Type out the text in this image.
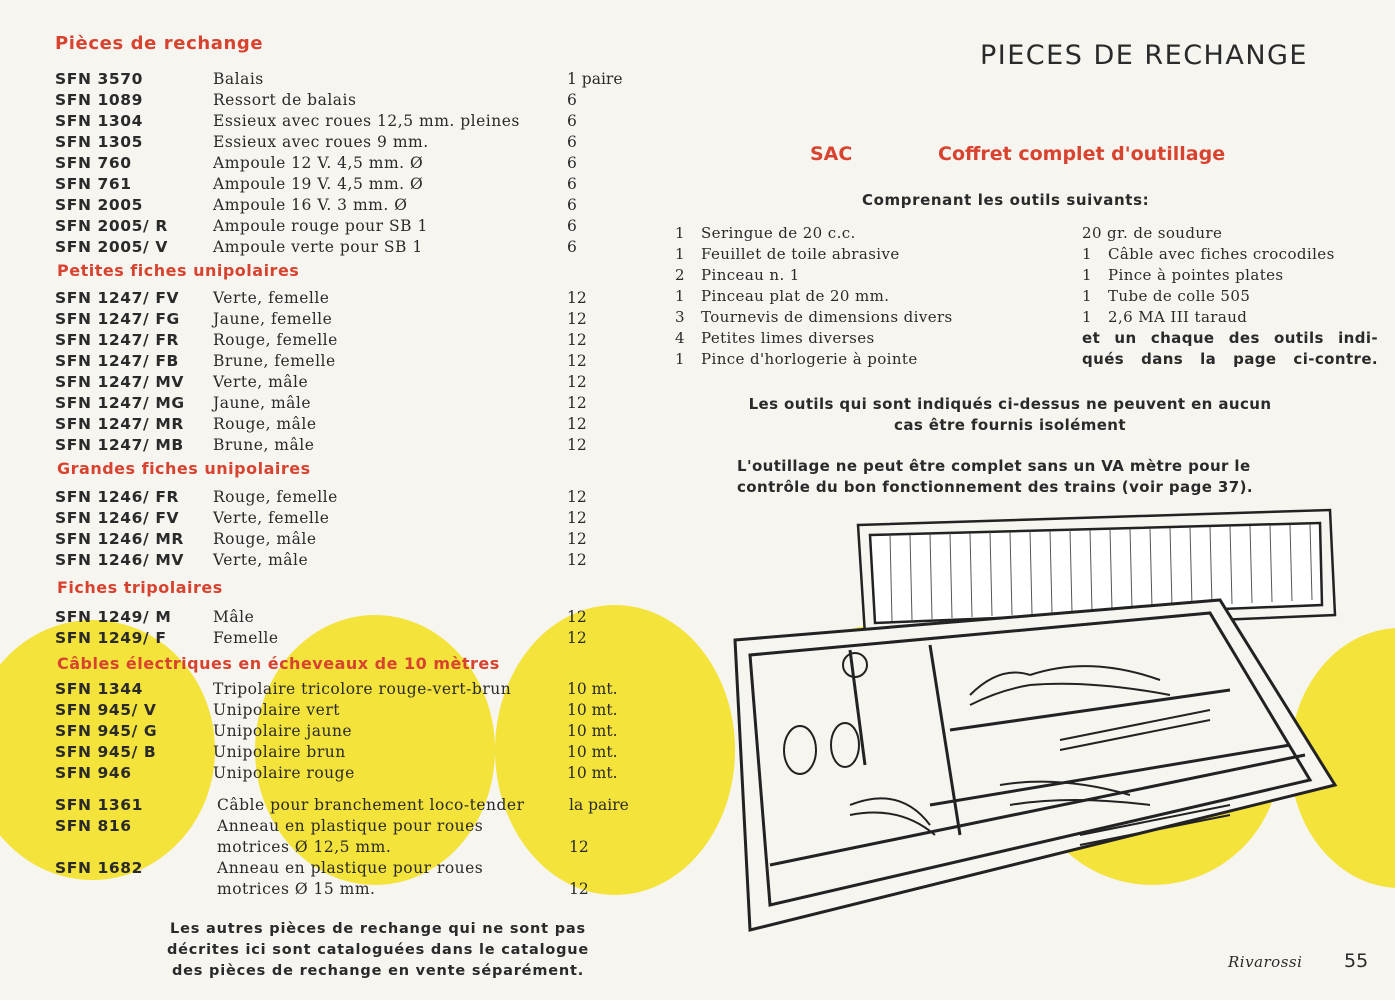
Pièces de rechange
SFN 3570	Balais	1 paire
SFN 1089	Ressort de balais	6
SFN 1304	Essieux avec roues 12,5 mm. pleines	6
SFN 1305	Essieux avec roues 9 mm.	6
SFN 760	Ampoule 12 V. 4,5 mm. Ø	6
SFN 761	Ampoule 19 V. 4,5 mm. Ø	6
SFN 2005	Ampoule 16 V. 3 mm. Ø	6
SFN 2005/ R	Ampoule rouge pour SB 1	6
SFN 2005/ V	Ampoule verte pour SB 1	6
Petites fiches unipolaires
SFN 1247/ FV Verte, femelle	12
SFN 1247/ FG Jaune, femelle	12
SFN 1247/ FR Rouge, femelle	12
SFN 1247/ FB Brune, femelle	12
SFN 1247/ MV Verte, mâle	12
SFN 1247/ MG Jaune, mâle	12
SFN 1247/ MR Rouge, mâle	12
SFN 1247/ MB Brune, mâle	12
Grandes fiches unipolaires
SFN 1246/ FR Rouge, femelle	12
SFN 1246/ FV Verte, femelle	12
SFN 1246/ MR Rouge, mâle	12
SFN 1246/ MV Verte, mâle	12
Fiches tripolaires
SFN 1249/ M	Mâle	12
SFN 1249/ F	Femelle	12
Câbles électriques en écheveaux de 10 mètres
SFN 1344	Tripolaire tricolore rouge-vert-brun	10 mt.
SFN 945/ V	Unipolaire vert	10 mt.
SFN 945/ G	Unipolaire jaune	10 mt.
SFN 945/ B	Unipolaire brun	10 mt.
SFN 946	Unipolaire rouge	10 mt.
SFN 1361	Câble pour branchement loco-tender	la paire
SFN 816	Anneau en plastique pour roues
motrices Ø 12,5 mm.	12
SFN 1682	Anneau en plastique pour roues
motrices Ø 15 mm.	12
Les autres pièces de rechange qui ne sont pas
décrites ici sont cataloguées dans le catalogue
des pièces de rechange en vente séparément.
PIECES DE RECHANGE
SAC	Coffret complet d'outillage
Comprenant les outils suivants:
1 Seringue de 20 c.c.
1 Feuillet de toile abrasive
2 Pinceau n. 1
1 Pinceau plat de 20 mm.
3 Tournevis de dimensions divers
4 Petites limes diverses
1 Pince d'horlogerie à pointe
20 gr. de soudure
1 Câble avec fiches crocodiles
1 Pince à pointes plates
1 Tube de colle 505
1 2,6 MA III taraud
et un chaque des outils indi-
qués dans la page ci-contre.
Les outils qui sont indiqués ci-dessus ne peuvent en aucun
cas être fournis isolément
L'outillage ne peut être complet sans un VA mètre pour le
contrôle du bon fonctionnement des trains (voir page 37).
Rivarossi 55
